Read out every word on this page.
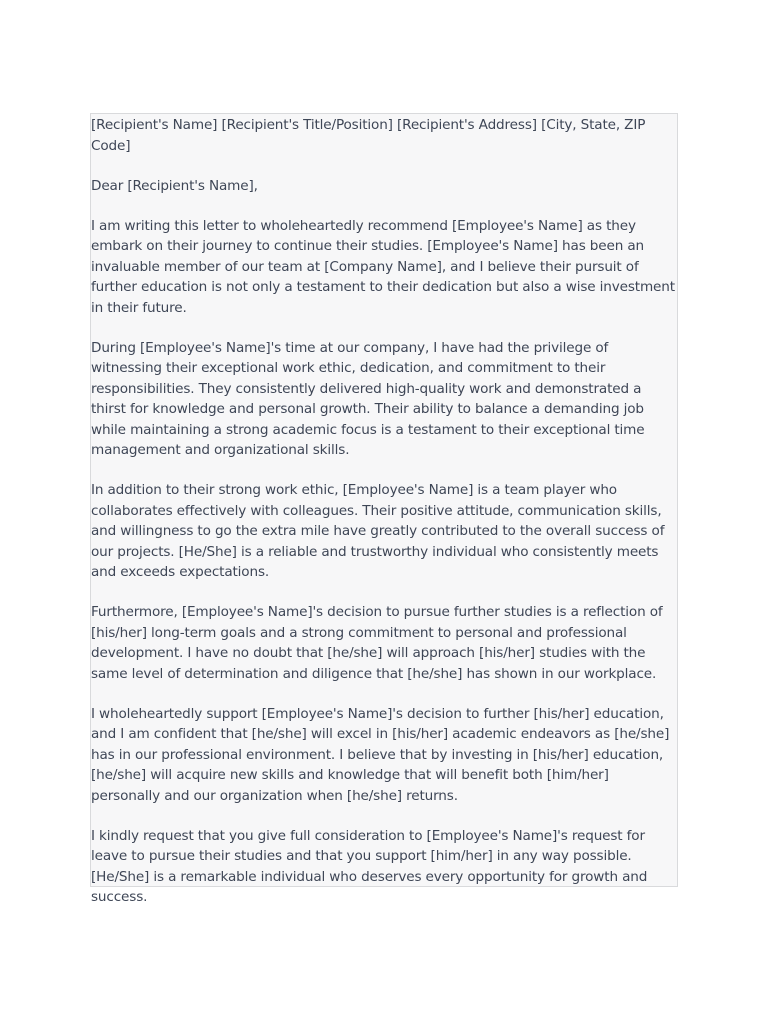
[Recipient's Name] [Recipient's Title/Position] [Recipient's Address] [City, State, ZIP Code]

Dear [Recipient's Name],

I am writing this letter to wholeheartedly recommend [Employee's Name] as they embark on their journey to continue their studies. [Employee's Name] has been an invaluable member of our team at [Company Name], and I believe their pursuit of further education is not only a testament to their dedication but also a wise investment in their future.

During [Employee's Name]'s time at our company, I have had the privilege of witnessing their exceptional work ethic, dedication, and commitment to their responsibilities. They consistently delivered high-quality work and demonstrated a thirst for knowledge and personal growth. Their ability to balance a demanding job while maintaining a strong academic focus is a testament to their exceptional time management and organizational skills.

In addition to their strong work ethic, [Employee's Name] is a team player who collaborates effectively with colleagues. Their positive attitude, communication skills, and willingness to go the extra mile have greatly contributed to the overall success of our projects. [He/She] is a reliable and trustworthy individual who consistently meets and exceeds expectations.

Furthermore, [Employee's Name]'s decision to pursue further studies is a reflection of [his/her] long-term goals and a strong commitment to personal and professional development. I have no doubt that [he/she] will approach [his/her] studies with the same level of determination and diligence that [he/she] has shown in our workplace.

I wholeheartedly support [Employee's Name]'s decision to further [his/her] education, and I am confident that [he/she] will excel in [his/her] academic endeavors as [he/she] has in our professional environment. I believe that by investing in [his/her] education, [he/she] will acquire new skills and knowledge that will benefit both [him/her] personally and our organization when [he/she] returns.

I kindly request that you give full consideration to [Employee's Name]'s request for leave to pursue their studies and that you support [him/her] in any way possible. [He/She] is a remarkable individual who deserves every opportunity for growth and success.
